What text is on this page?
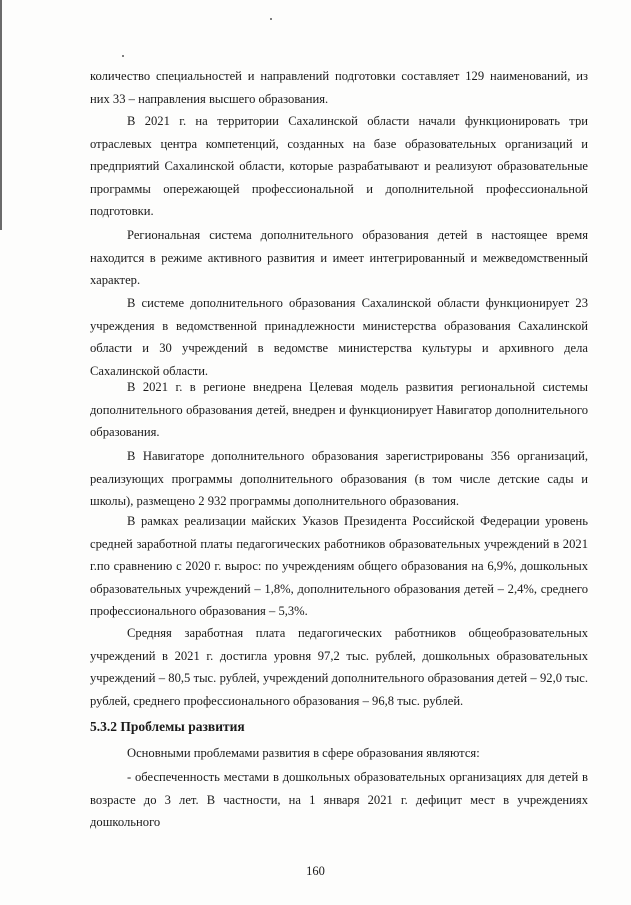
количество специальностей и направлений подготовки составляет 129 наименований, из них 33 – направления высшего образования.

В 2021 г. на территории Сахалинской области начали функционировать три отраслевых центра компетенций, созданных на базе образовательных организаций и предприятий Сахалинской области, которые разрабатывают и реализуют образовательные программы опережающей профессиональной и дополнительной профессиональной подготовки.

Региональная система дополнительного образования детей в настоящее время находится в режиме активного развития и имеет интегрированный и межведомственный характер.

В системе дополнительного образования Сахалинской области функционирует 23 учреждения в ведомственной принадлежности министерства образования Сахалинской области и 30 учреждений в ведомстве министерства культуры и архивного дела Сахалинской области.

В 2021 г. в регионе внедрена Целевая модель развития региональной системы дополнительного образования детей, внедрен и функционирует Навигатор дополнительного образования.

В Навигаторе дополнительного образования зарегистрированы 356 организаций, реализующих программы дополнительного образования (в том числе детские сады и школы), размещено 2 932 программы дополнительного образования.

В рамках реализации майских Указов Президента Российской Федерации уровень средней заработной платы педагогических работников образовательных учреждений в 2021 г.по сравнению с 2020 г. вырос: по учреждениям общего образования на 6,9%, дошкольных образовательных учреждений – 1,8%, дополнительного образования детей – 2,4%, среднего профессионального образования – 5,3%.

Средняя заработная плата педагогических работников общеобразовательных учреждений в 2021 г. достигла уровня 97,2 тыс. рублей, дошкольных образовательных учреждений – 80,5 тыс. рублей, учреждений дополнительного образования детей – 92,0 тыс. рублей, среднего профессионального образования – 96,8 тыс. рублей.

5.3.2 Проблемы развития

Основными проблемами развития в сфере образования являются:

- обеспеченность местами в дошкольных образовательных организациях для детей в возрасте до 3 лет. В частности, на 1 января 2021 г. дефицит мест в учреждениях дошкольного

160
